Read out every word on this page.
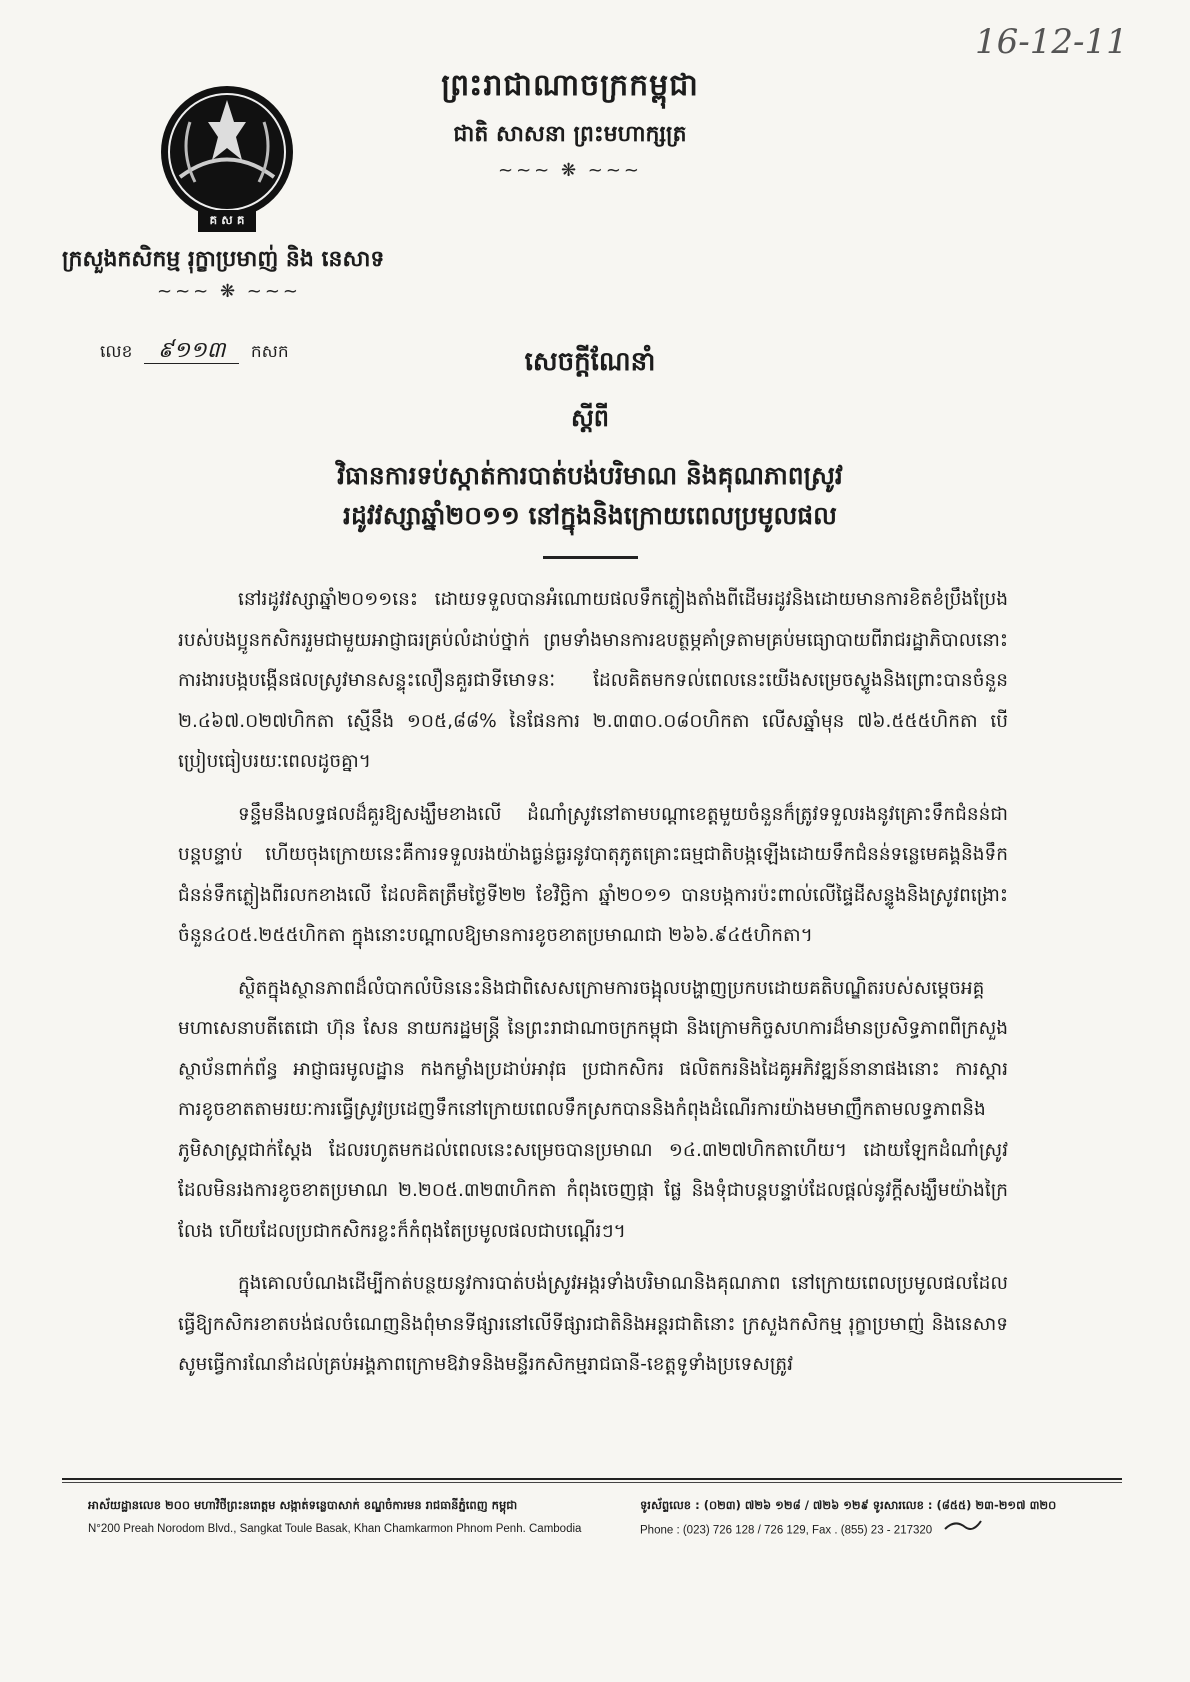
16-12-11
គ ស គ
ព្រះរាជាណាចក្រកម្ពុជា
ជាតិ សាសនា ព្រះមហាក្សត្រ
~~~ ❋ ~~~
ក្រសួងកសិកម្ម រុក្ខាប្រមាញ់ និង នេសាទ
~~~ ❋ ~~~
លេខ ៩១១៣ កសក	សេចក្តីណែនាំ
ស្តីពី
វិធានការទប់ស្កាត់ការបាត់បង់បរិមាណ និងគុណភាពស្រូវ
រដូវវស្សាឆ្នាំ២០១១ នៅក្នុងនិងក្រោយពេលប្រមូលផល

នៅរដូវវស្សាឆ្នាំ២០១១នេះ ដោយទទួលបានអំណោយផលទឹកភ្លៀងតាំងពីដើមរដូវនិងដោយមានការខិតខំប្រឹងប្រែងរបស់បងប្អូនកសិកររួមជាមួយអាជ្ញាធរគ្រប់លំដាប់ថ្នាក់ ព្រមទាំងមានការឧបត្ថម្ភគាំទ្រតាមគ្រប់មធ្យោបាយពីរាជរដ្ឋាភិបាលនោះ ការងារបង្កបង្កើនផលស្រូវមានសន្ទុះលឿនគួរជាទីមោទនៈ ដែលគិតមកទល់ពេលនេះយើងសម្រេចស្ទូងនិងព្រោះបានចំនួន ២.៤៦៧.០២៧ហិកតា ស្មើនឹង ១០៥,៨៨% នៃផែនការ ២.៣៣០.០៨០ហិកតា លើសឆ្នាំមុន ៧៦.៥៥៥ហិកតា បើប្រៀបធៀបរយៈពេលដូចគ្នា។

ទន្ទឹមនឹងលទ្ធផលដ៏គួរឱ្យសង្ឃឹមខាងលើ ដំណាំស្រូវនៅតាមបណ្តាខេត្តមួយចំនួនក៏ត្រូវទទួលរងនូវគ្រោះទឹកជំនន់ជាបន្តបន្ទាប់ ហើយចុងក្រោយនេះគឺការទទួលរងយ៉ាងធ្ងន់ធ្ងរនូវបាតុភូតគ្រោះធម្មជាតិបង្កឡើងដោយទឹកជំនន់ទន្លេមេគង្គនិងទឹកជំនន់ទឹកភ្លៀងពីរលកខាងលើ ដែលគិតត្រឹមថ្ងៃទី២២ ខែវិច្ឆិកា ឆ្នាំ២០១១ បានបង្កការប៉ះពាល់លើផ្ទៃដីសន្ទូងនិងស្រូវពង្រោះចំនួន៤០៥.២៥៥ហិកតា ក្នុងនោះបណ្តាលឱ្យមានការខូចខាតប្រមាណជា ២៦៦.៩៤៥ហិកតា។

ស្ថិតក្នុងស្ថានភាពដ៏លំបាកលំបិននេះនិងជាពិសេសក្រោមការចង្អុលបង្ហាញប្រកបដោយគតិបណ្ឌិតរបស់សម្តេចអគ្គមហាសេនាបតីតេជោ ហ៊ុន សែន នាយករដ្ឋមន្ត្រី នៃព្រះរាជាណាចក្រកម្ពុជា និងក្រោមកិច្ចសហការដ៏មានប្រសិទ្ធភាពពីក្រសួង ស្ថាប័នពាក់ព័ន្ធ អាជ្ញាធរមូលដ្ឋាន កងកម្លាំងប្រដាប់អាវុធ ប្រជាកសិករ ផលិតករនិងដៃគូអភិវឌ្ឍន៍នានាផងនោះ ការស្តារការខូចខាតតាមរយៈការធ្វើស្រូវប្រដេញទឹកនៅក្រោយពេលទឹកស្រកបាននិងកំពុងដំណើរការយ៉ាងមមាញឹកតាមលទ្ធភាពនិងភូមិសាស្ត្រជាក់ស្តែង ដែលរហូតមកដល់ពេលនេះសម្រេចបានប្រមាណ ១៤.៣២៧ហិកតាហើយ។ ដោយឡែកដំណាំស្រូវដែលមិនរងការខូចខាតប្រមាណ ២.២០៥.៣២៣ហិកតា កំពុងចេញផ្កា ផ្លែ និងទុំជាបន្តបន្ទាប់ដែលផ្តល់នូវក្តីសង្ឃឹមយ៉ាងក្រៃលែង ហើយដែលប្រជាកសិករខ្លះក៏កំពុងតែប្រមូលផលជាបណ្តើរៗ។

ក្នុងគោលបំណងដើម្បីកាត់បន្ថយនូវការបាត់បង់ស្រូវអង្ករទាំងបរិមាណនិងគុណភាព នៅក្រោយពេលប្រមូលផលដែលធ្វើឱ្យកសិករខាតបង់ផលចំណេញនិងពុំមានទីផ្សារនៅលើទីផ្សារជាតិនិងអន្តរជាតិនោះ ក្រសួងកសិកម្ម រុក្ខាប្រមាញ់ និងនេសាទ សូមធ្វើការណែនាំដល់គ្រប់អង្គភាពក្រោមឱវាទនិងមន្ទីរកសិកម្មរាជធានី-ខេត្តទូទាំងប្រទេសត្រូវ

អាស័យដ្ឋានលេខ ២០០ មហាវិថីព្រះនរោត្តម សង្កាត់ទន្លេបាសាក់ ខណ្ឌចំការមន រាជធានីភ្នំពេញ កម្ពុជា
N°200 Preah Norodom Blvd., Sangkat Toule Basak, Khan Chamkarmon Phnom Penh. Cambodia
ទូរស័ព្ទលេខ : (០២៣) ៧២៦ ១២៨ / ៧២៦ ១២៩ ទូរសារលេខ : (៨៥៥) ២៣-២១៧ ៣២០
Phone : (023) 726 128 / 726 129, Fax . (855) 23 - 217320
